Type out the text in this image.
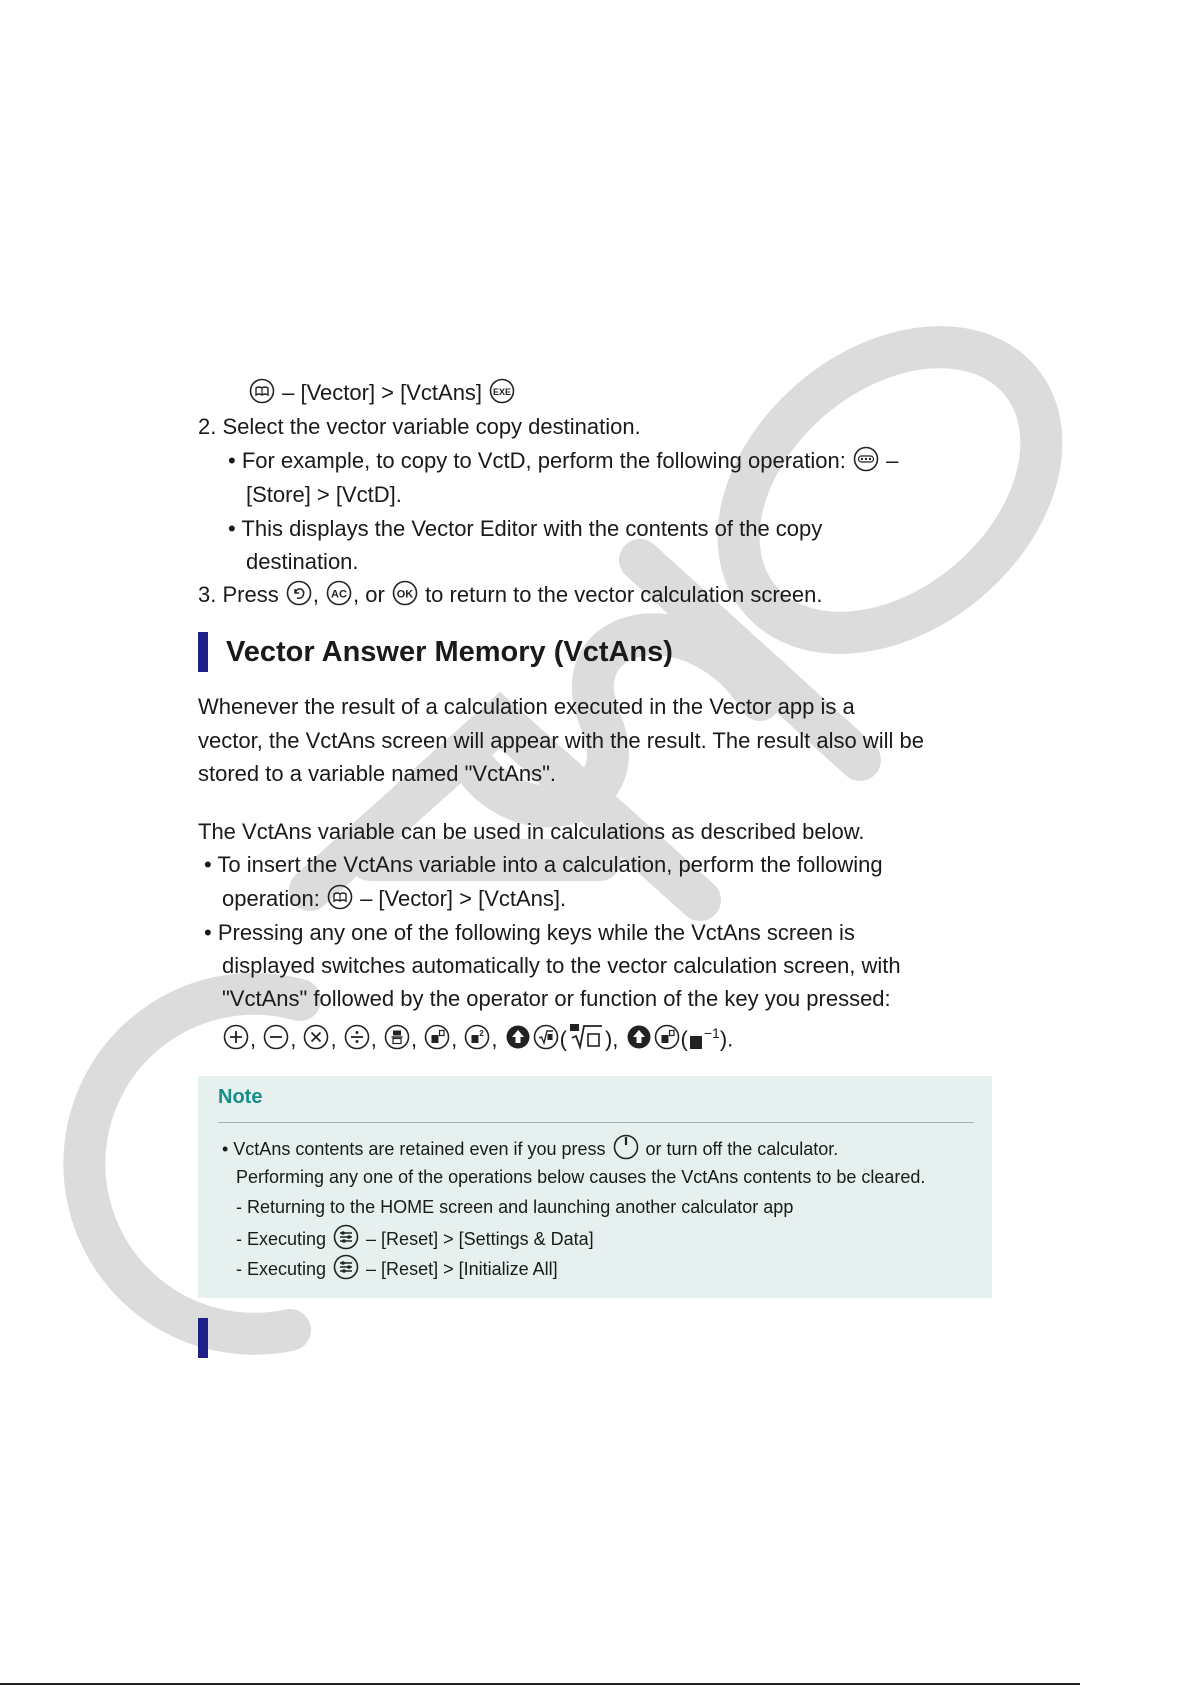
– [Vector] > [VctAns] EXE
2. Select the vector variable copy destination.
• For example, to copy to VctD, perform the following operation:  –
[Store] > [VctD].
• This displays the Vector Editor with the contents of the copy
destination.
3. Press , AC , or OK to return to the vector calculation screen.
Vector Answer Memory (VctAns)
Whenever the result of a calculation executed in the Vector app is a
vector, the VctAns screen will appear with the result. The result also will be
stored to a variable named "VctAns".
The VctAns variable can be used in calculations as described below.
• To insert the VctAns variable into a calculation, perform the following
operation:  – [Vector] > [VctAns].
• Pressing any one of the following keys while the VctAns screen is
displayed switches automatically to the vector calculation screen, with
"VctAns" followed by the operator or function of the key you pressed:
, , , , , , 2 ,	( ),	( $^{-1}$).
Note
• VctAns contents are retained even if you press  or turn off the calculator.
Performing any one of the operations below causes the VctAns contents to be cleared.
- Returning to the HOME screen and launching another calculator app
- Executing  – [Reset] > [Settings & Data]
- Executing  – [Reset] > [Initialize All]
